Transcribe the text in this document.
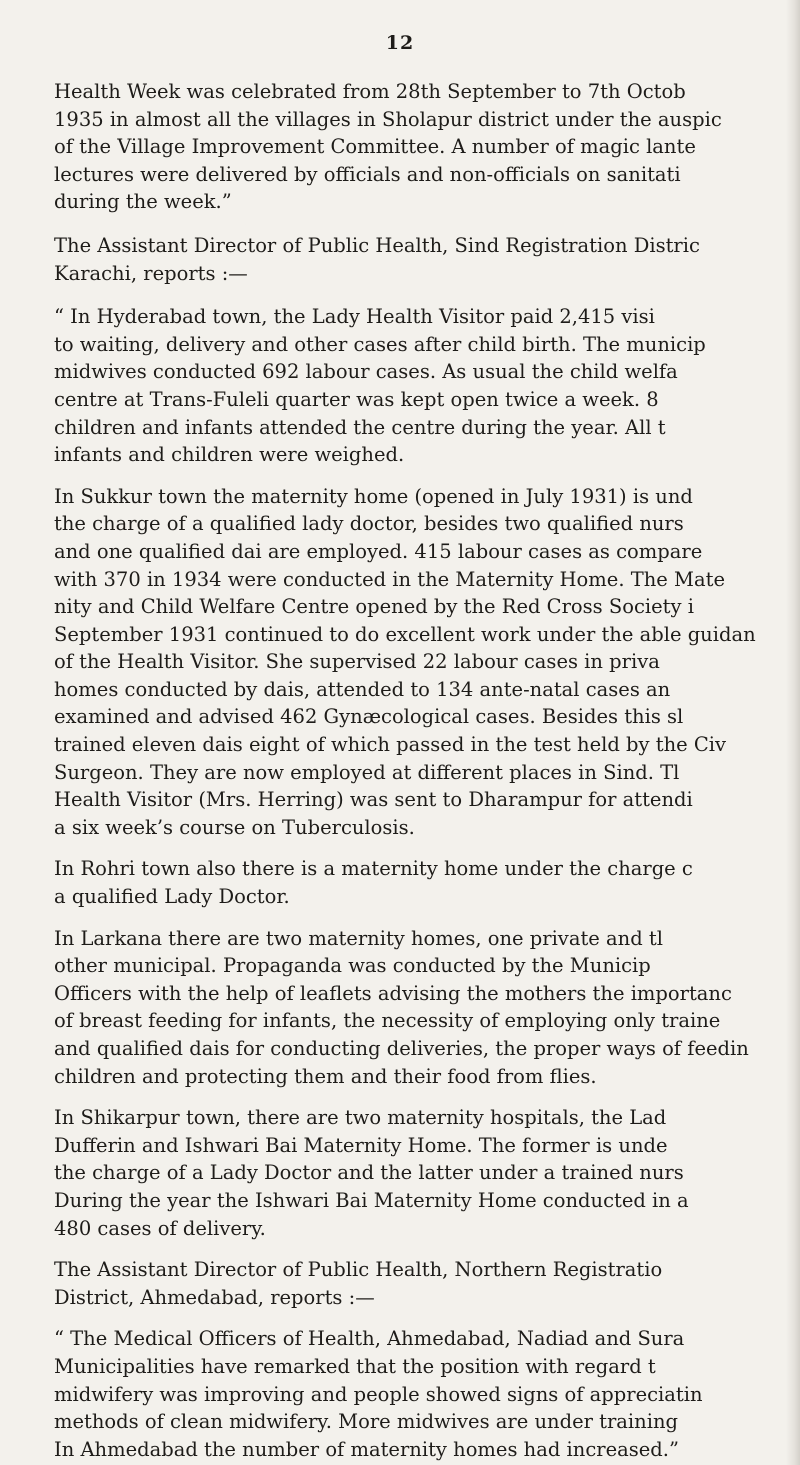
12
Health Week was celebrated from 28th September to 7th Octob
1935 in almost all the villages in Sholapur district under the auspic
of the Village Improvement Committee. A number of magic lante
lectures were delivered by officials and non-officials on sanitati
during the week.”
The Assistant Director of Public Health, Sind Registration Distric
Karachi, reports :—
“ In Hyderabad town, the Lady Health Visitor paid 2,415 visi
to waiting, delivery and other cases after child birth. The municip
midwives conducted 692 labour cases. As usual the child welfa
centre at Trans-Fuleli quarter was kept open twice a week. 8
children and infants attended the centre during the year. All t
infants and children were weighed.
In Sukkur town the maternity home (opened in July 1931) is und
the charge of a qualified lady doctor, besides two qualified nurs
and one qualified dai are employed. 415 labour cases as compare
with 370 in 1934 were conducted in the Maternity Home. The Mate
nity and Child Welfare Centre opened by the Red Cross Society i
September 1931 continued to do excellent work under the able guidan
of the Health Visitor. She supervised 22 labour cases in priva
homes conducted by dais, attended to 134 ante-natal cases an
examined and advised 462 Gynæcological cases. Besides this sl
trained eleven dais eight of which passed in the test held by the Civ
Surgeon. They are now employed at different places in Sind. Tl
Health Visitor (Mrs. Herring) was sent to Dharampur for attendi
a six week’s course on Tuberculosis.
In Rohri town also there is a maternity home under the charge c
a qualified Lady Doctor.
In Larkana there are two maternity homes, one private and tl
other municipal. Propaganda was conducted by the Municip
Officers with the help of leaflets advising the mothers the importanc
of breast feeding for infants, the necessity of employing only traine
and qualified dais for conducting deliveries, the proper ways of feedin
children and protecting them and their food from flies.
In Shikarpur town, there are two maternity hospitals, the Lad
Dufferin and Ishwari Bai Maternity Home. The former is unde
the charge of a Lady Doctor and the latter under a trained nurs
During the year the Ishwari Bai Maternity Home conducted in a
480 cases of delivery.
The Assistant Director of Public Health, Northern Registratio
District, Ahmedabad, reports :—
“ The Medical Officers of Health, Ahmedabad, Nadiad and Sura
Municipalities have remarked that the position with regard t
midwifery was improving and people showed signs of appreciatin
methods of clean midwifery. More midwives are under training
In Ahmedabad the number of maternity homes had increased.”
